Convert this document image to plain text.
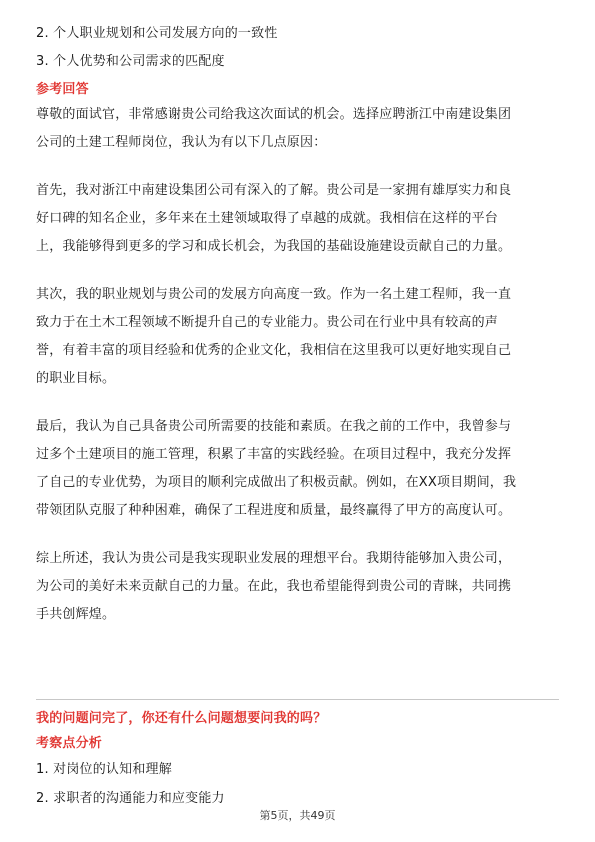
2. 个人职业规划和公司发展方向的一致性
3. 个人优势和公司需求的匹配度
参考回答
尊敬的面试官，非常感谢贵公司给我这次面试的机会。选择应聘浙江中南建设集团
公司的土建工程师岗位，我认为有以下几点原因：
首先，我对浙江中南建设集团公司有深入的了解。贵公司是一家拥有雄厚实力和良
好口碑的知名企业，多年来在土建领域取得了卓越的成就。我相信在这样的平台
上，我能够得到更多的学习和成长机会，为我国的基础设施建设贡献自己的力量。
其次，我的职业规划与贵公司的发展方向高度一致。作为一名土建工程师，我一直
致力于在土木工程领域不断提升自己的专业能力。贵公司在行业中具有较高的声
誉，有着丰富的项目经验和优秀的企业文化，我相信在这里我可以更好地实现自己
的职业目标。
最后，我认为自己具备贵公司所需要的技能和素质。在我之前的工作中，我曾参与
过多个土建项目的施工管理，积累了丰富的实践经验。在项目过程中，我充分发挥
了自己的专业优势，为项目的顺利完成做出了积极贡献。例如，在XX项目期间，我
带领团队克服了种种困难，确保了工程进度和质量，最终赢得了甲方的高度认可。
综上所述，我认为贵公司是我实现职业发展的理想平台。我期待能够加入贵公司，
为公司的美好未来贡献自己的力量。在此，我也希望能得到贵公司的青睐，共同携
手共创辉煌。
我的问题问完了，你还有什么问题想要问我的吗？
考察点分析
1. 对岗位的认知和理解
2. 求职者的沟通能力和应变能力
第5页，共49页
